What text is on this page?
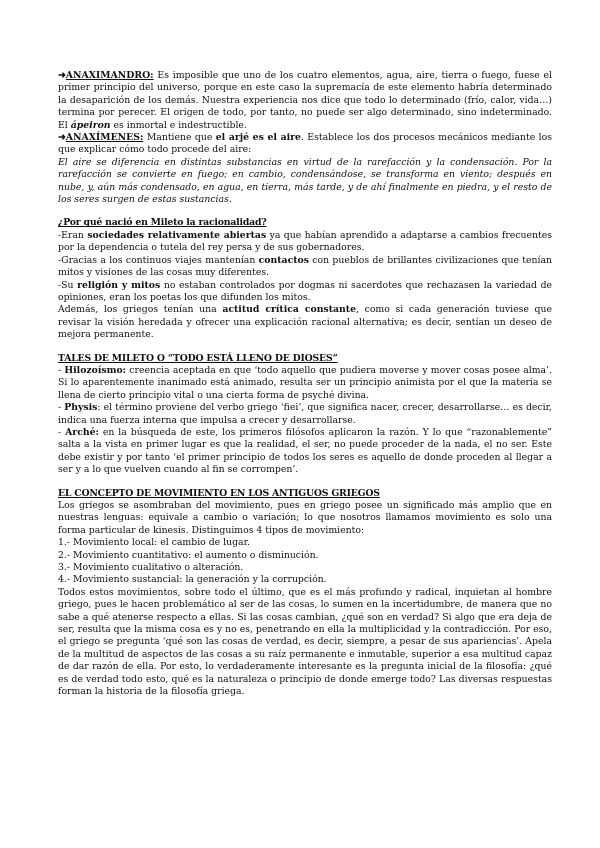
➜ANAXIMANDRO: Es imposible que uno de los cuatro elementos, agua, aire, tierra o fuego, fuese el primer principio del universo, porque en este caso la supremacía de este elemento habría determinado la desaparición de los demás. Nuestra experiencia nos dice que todo lo determinado (frío, calor, vida…) termina por perecer. El origen de todo, por tanto, no puede ser algo determinado, sino indeterminado. El ápeiron es inmortal e indestructible.

➜ANAXÍMENES: Mantiene que el arjé es el aire. Establece los dos procesos mecánicos mediante los que explicar cómo todo procede del aire:

El aire se diferencia en distintas substancias en virtud de la rarefacción y la condensación. Por la rarefacción se convierte en fuego; en cambio, condensándose, se transforma en viento; después en nube, y, aún más condensado, en agua, en tierra, más tarde, y de ahí finalmente en piedra, y el resto de los seres surgen de estas sustancias.

¿Por qué nació en Mileto la racionalidad?

-Eran sociedades relativamente abiertas ya que habían aprendido a adaptarse a cambios frecuentes por la dependencia o tutela del rey persa y de sus gobernadores.

-Gracias a los continuos viajes mantenían contactos con pueblos de brillantes civilizaciones que tenían mitos y visiones de las cosas muy diferentes.

-Su religión y mitos no estaban controlados por dogmas ni sacerdotes que rechazasen la variedad de opiniones, eran los poetas los que difunden los mitos.

Además, los griegos tenían una actitud crítica constante, como si cada generación tuviese que revisar la visión heredada y ofrecer una explicación racional alternativa; es decir, sentían un deseo de mejora permanente.

TALES DE MILETO O “TODO ESTÁ LLENO DE DIOSES”

- Hilozoísmo: creencia aceptada en que ‘todo aquello que pudiera moverse y mover cosas posee alma’. Si lo aparentemente inanimado está animado, resulta ser un principio animista por el que la materia se llena de cierto principio vital o una cierta forma de psyché divina.

- Physis: el término proviene del verbo griego ‘fiei’, que significa nacer, crecer, desarrollarse… es decir, indica una fuerza interna que impulsa a crecer y desarrollarse.

- Arché: en la búsqueda de este, los primeros filósofos aplicaron la razón. Y lo que “razonablemente” salta a la vista en primer lugar es que la realidad, el ser, no puede proceder de la nada, el no ser. Este debe existir y por tanto ‘el primer principio de todos los seres es aquello de donde proceden al llegar a ser y a lo que vuelven cuando al fin se corrompen’.

EL CONCEPTO DE MOVIMIENTO EN LOS ANTIGUOS GRIEGOS

Los griegos se asombraban del movimiento, pues en griego posee un significado más amplio que en nuestras lenguas: equivale a cambio o variación; lo que nosotros llamamos movimiento es solo una forma particular de kinesis. Distinguimos 4 tipos de movimiento:

1.- Movimiento local: el cambio de lugar.

2.- Movimiento cuantitativo: el aumento o disminución.

3.- Movimiento cualitativo o alteración.

4.- Movimiento sustancial: la generación y la corrupción.

Todos estos movimientos, sobre todo el último, que es el más profundo y radical, inquietan al hombre griego, pues le hacen problemático al ser de las cosas, lo sumen en la incertidumbre, de manera que no sabe a qué atenerse respecto a ellas. Si las cosas cambian, ¿qué son en verdad? Si algo que era deja de ser, resulta que la misma cosa es y no es, penetrando en ella la multiplicidad y la contradicción. Por eso, el griego se pregunta ‘qué son las cosas de verdad, es decir, siempre, a pesar de sus apariencias’. Apela de la multitud de aspectos de las cosas a su raíz permanente e inmutable, superior a esa multitud capaz de dar razón de ella. Por esto, lo verdaderamente interesante es la pregunta inicial de la filosofía: ¿qué es de verdad todo esto, qué es la naturaleza o principio de donde emerge todo? Las diversas respuestas forman la historia de la filosofía griega.
